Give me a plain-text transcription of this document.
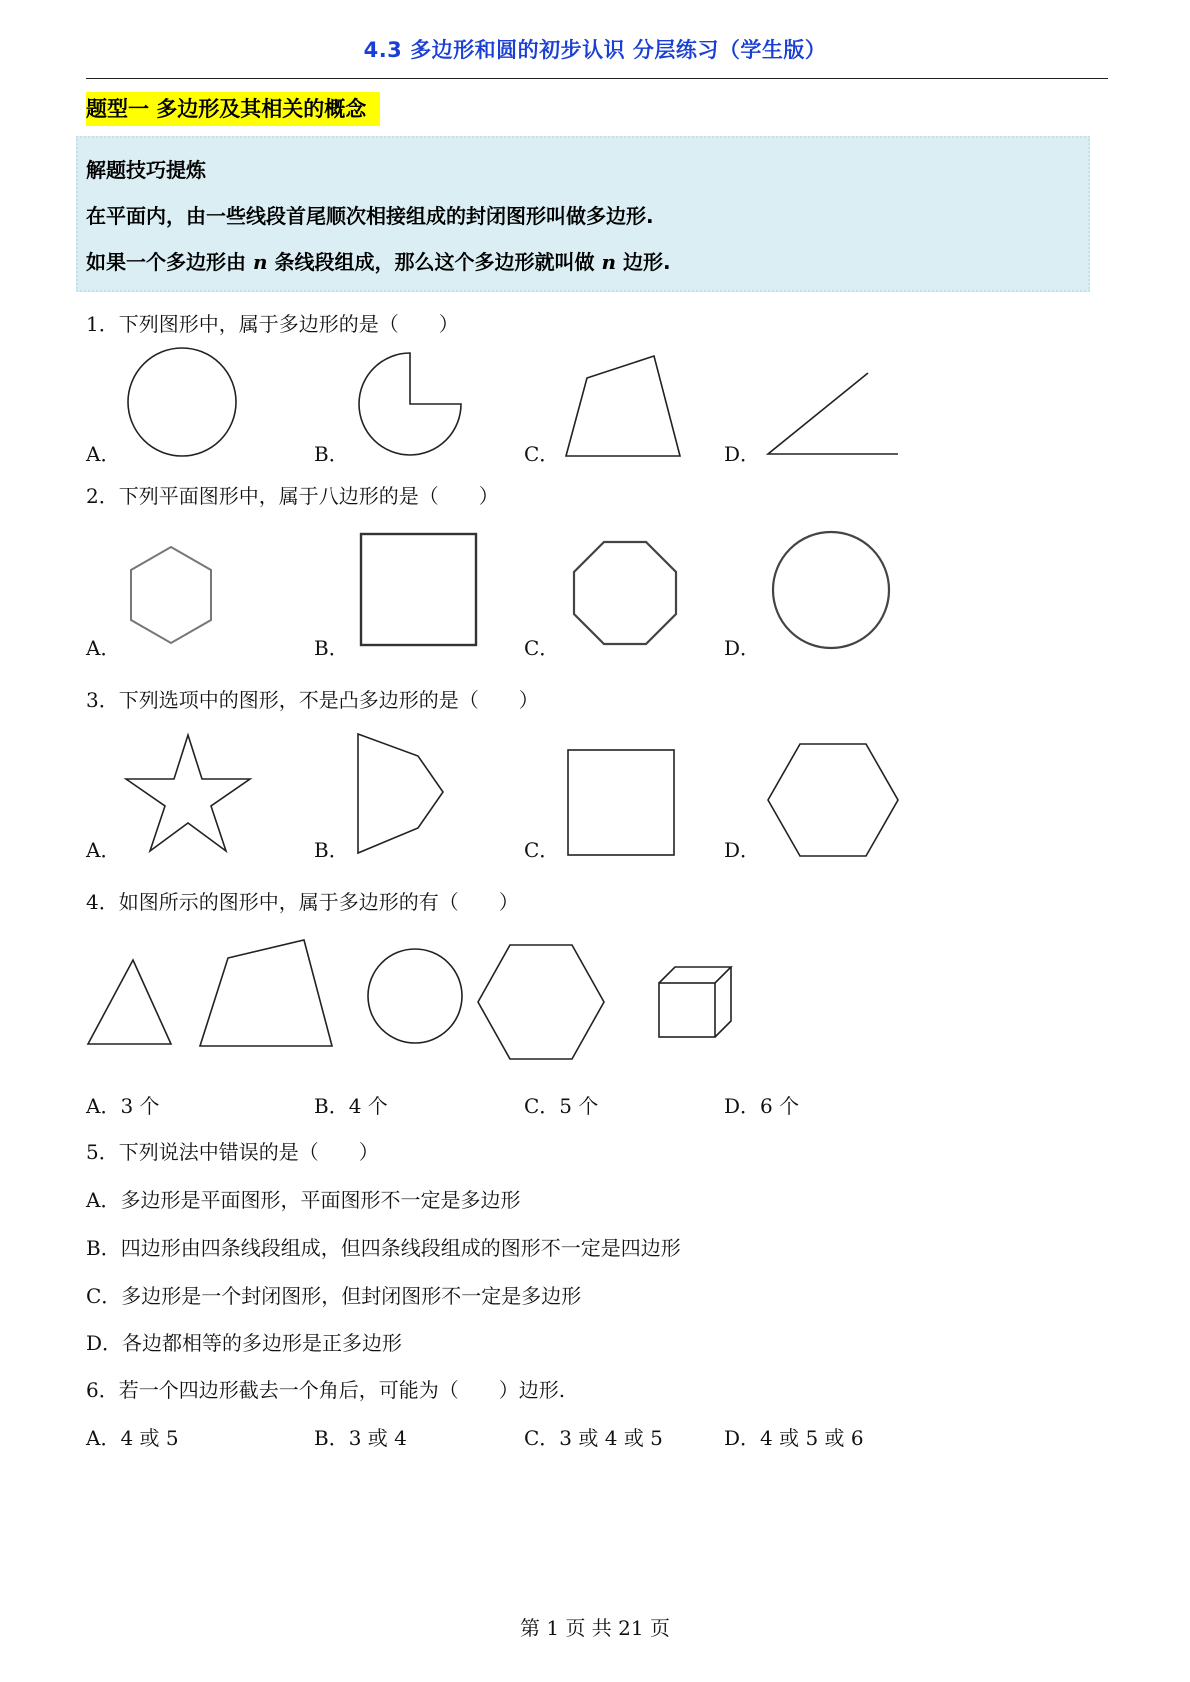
4.3 多边形和圆的初步认识 分层练习（学生版）
题型一 多边形及其相关的概念
解题技巧提炼
在平面内，由一些线段首尾顺次相接组成的封闭图形叫做多边形.
如果一个多边形由 n 条线段组成，那么这个多边形就叫做 n 边形.
1．下列图形中，属于多边形的是（　　）
A．	B．	C．	D．
2．下列平面图形中，属于八边形的是（　　）
A．	B．	C．	D．
3．下列选项中的图形，不是凸多边形的是（　　）
A．	B．	C．	D．
4．如图所示的图形中，属于多边形的有（　　）
A．3 个	B．4 个	C．5 个	D．6 个
5．下列说法中错误的是（　　）
A．多边形是平面图形，平面图形不一定是多边形
B．四边形由四条线段组成，但四条线段组成的图形不一定是四边形
C．多边形是一个封闭图形，但封闭图形不一定是多边形
D．各边都相等的多边形是正多边形
6．若一个四边形截去一个角后，可能为（　　）边形.
A．4 或 5	B．3 或 4	C．3 或 4 或 5	D．4 或 5 或 6
第 1 页 共 21 页
